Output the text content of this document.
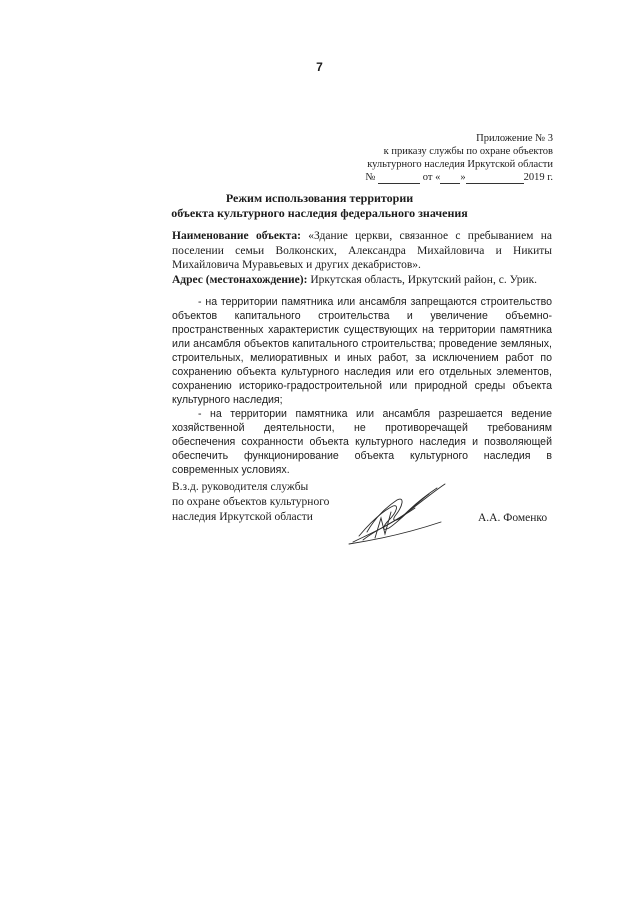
7
Приложение № 3
к приказу службы по охране объектов
культурного наследия Иркутской области
№	от « »	2019 г.
Режим использования территории
объекта культурного наследия федерального значения
Наименование объекта: «Здание церкви, связанное с пребыванием на поселении семьи Волконских, Александра Михайловича и Никиты Михайловича Муравьевых и других декабристов».
Адрес (местонахождение): Иркутская область, Иркутский район, с. Урик.

- на территории памятника или ансамбля запрещаются строительство объектов капитального строительства и увеличение объемно-пространственных характеристик существующих на территории памятника или ансамбля объектов капитального строительства; проведение земляных, строительных, мелиоративных и иных работ, за исключением работ по сохранению объекта культурного наследия или его отдельных элементов, сохранению историко-градостроительной или природной среды объекта культурного наследия;

- на территории памятника или ансамбля разрешается ведение хозяйственной деятельности, не противоречащей требованиям обеспечения сохранности объекта культурного наследия и позволяющей обеспечить функционирование объекта культурного наследия в современных условиях.

В.з.д. руководителя службы
по охране объектов культурного
наследия Иркутской области	А.А. Фоменко
